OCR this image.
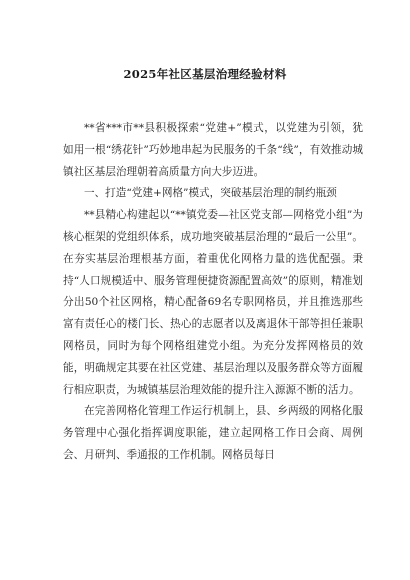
2025年社区基层治理经验材料

**省***市**县积极探索“党建+”模式，以党建为引领，犹如用一根“绣花针”巧妙地串起为民服务的千条“线”，有效推动城镇社区基层治理朝着高质量方向大步迈进。

一、打造“党建+网格”模式，突破基层治理的制约瓶颈

**县精心构建起以“**镇党委—社区党支部—网格党小组”为核心框架的党组织体系，成功地突破基层治理的“最后一公里”。在夯实基层治理根基方面，着重优化网格力量的选优配强。秉持“人口规模适中、服务管理便捷资源配置高效”的原则，精准划分出50个社区网格，精心配备69名专职网格员，并且推选那些富有责任心的楼门长、热心的志愿者以及离退休干部等担任兼职网格员，同时为每个网格组建党小组。为充分发挥网格员的效能，明确规定其要在社区党建、基层治理以及服务群众等方面履行相应职责，为城镇基层治理效能的提升注入源源不断的活力。

在完善网格化管理工作运行机制上，县、乡两级的网格化服务管理中心强化指挥调度职能，建立起网格工作日会商、周例会、月研判、季通报的工作机制。网格员每日
